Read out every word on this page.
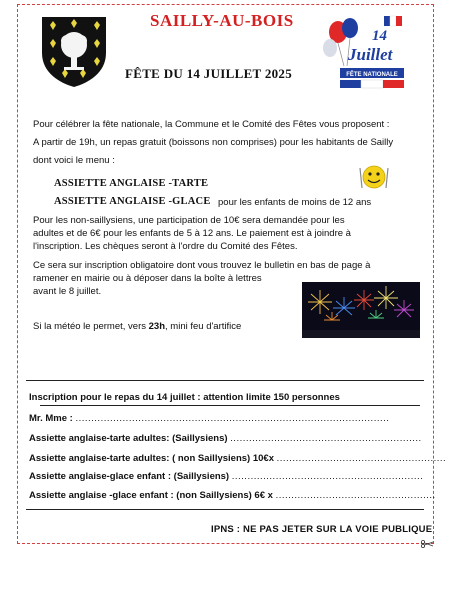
SAILLY-AU-BOIS
14
Juillet
FÊTE NATIONALE
FÊTE DU 14 JUILLET 2025
Pour célébrer la fête nationale, la Commune et le Comité des Fêtes vous proposent :
A partir de 19h, un repas gratuit (boissons non comprises) pour les habitants de Sailly
dont voici le menu :
ASSIETTE ANGLAISE -TARTE
ASSIETTE ANGLAISE -GLACE pour les enfants de moins de 12 ans
Pour les non-saillysiens, une participation de 10€ sera demandée pour les
adultes et de 6€ pour les enfants de 5 à 12 ans. Le paiement est à joindre à
l'inscription. Les chèques seront à l'ordre du Comité des Fêtes.
Ce sera sur inscription obligatoire dont vous trouvez le bulletin en bas de page à
ramener en mairie ou à déposer dans la boîte à lettres
avant le 8 juillet.
Si la météo le permet, vers 23h, mini feu d'artifice
Inscription pour le repas du 14 juillet : attention limite 150 personnes
Mr. Mme : ....................................................................................................
Assiette anglaise-tarte adultes: (Saillysiens) .............................................................
Assiette anglaise-tarte adultes: ( non Saillysiens) 10€x ......................................................
Assiette anglaise-glace enfant : (Saillysiens) .............................................................
Assiette anglaise -glace enfant : (non Saillysiens) 6€ x ...................................................
IPNS : NE PAS JETER SUR LA VOIE PUBLIQUE
